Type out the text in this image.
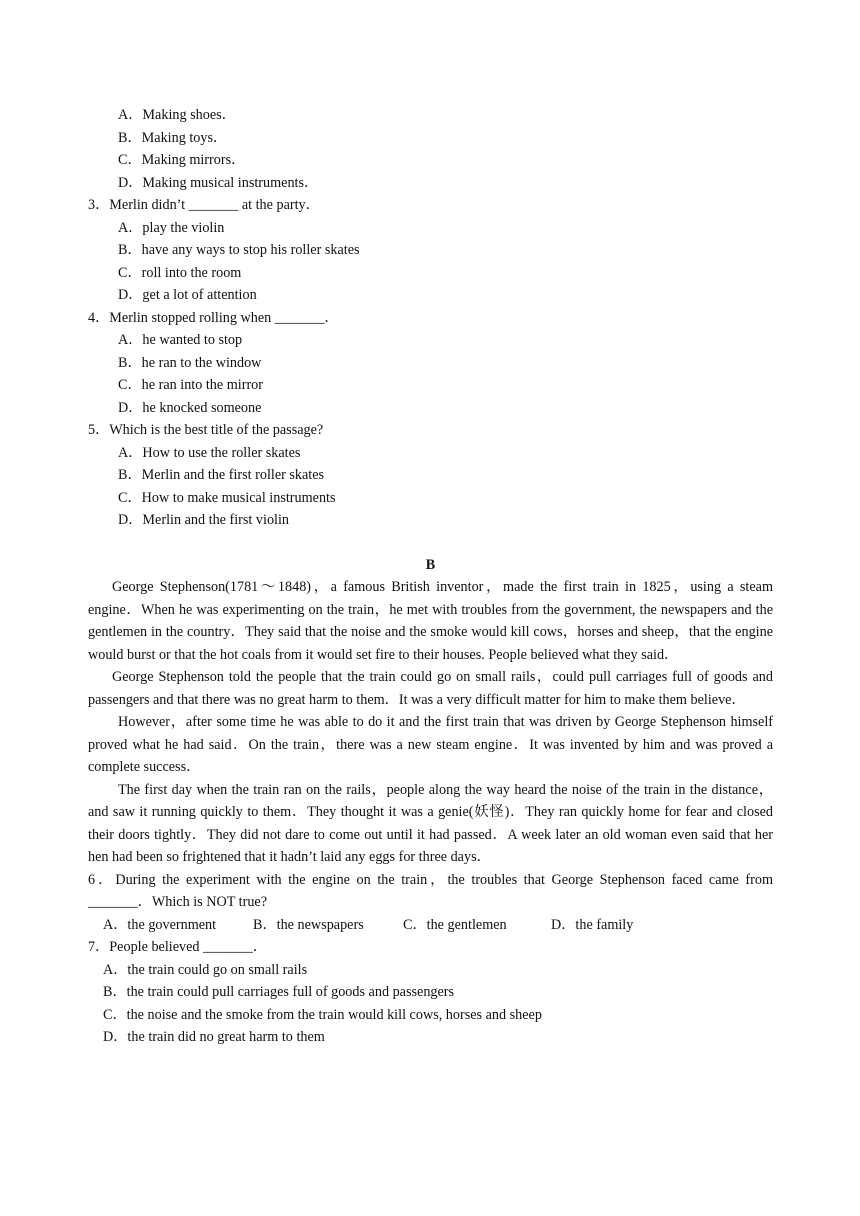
A．Making shoes．
B．Making toys．
C．Making mirrors．
D．Making musical instruments．
3．Merlin didn’t _______ at the party．
A．play the violin
B．have any ways to stop his roller skates
C．roll into the room
D．get a lot of attention
4．Merlin stopped rolling when _______．
A．he wanted to stop
B．he ran to the window
C．he ran into the mirror
D．he knocked someone
5．Which is the best title of the passage?
A．How to use the roller skates
B．Merlin and the first roller skates
C．How to make musical instruments
D．Merlin and the first violin
B
George Stephenson(1781～1848)，a famous British inventor，made the first train in 1825，using a steam engine．When he was experimenting on the train，he met with troubles from the government, the newspapers and the gentlemen in the country．They said that the noise and the smoke would kill cows，horses and sheep，that the engine would burst or that the hot coals from it would set fire to their houses. People believed what they said．
George Stephenson told the people that the train could go on small rails，could pull carriages full of goods and passengers and that there was no great harm to them．It was a very difficult matter for him to make them believe．
However，after some time he was able to do it and the first train that was driven by George Stephenson himself proved what he had said．On the train，there was a new steam engine．It was invented by him and was proved a complete success．
The first day when the train ran on the rails，people along the way heard the noise of the train in the distance，and saw it running quickly to them．They thought it was a genie(妖怪)．They ran quickly home for fear and closed their doors tightly．They did not dare to come out until it had passed．A week later an old woman even said that her hen had been so frightened that it hadn’t laid any eggs for three days．
6．During the experiment with the engine on the train，the troubles that George Stephenson faced came from _______．Which is NOT true?
A．the government	B．the newspapers	C．the gentlemen	D．the family
7．People believed _______．
A．the train could go on small rails
B．the train could pull carriages full of goods and passengers
C．the noise and the smoke from the train would kill cows, horses and sheep
D．the train did no great harm to them
